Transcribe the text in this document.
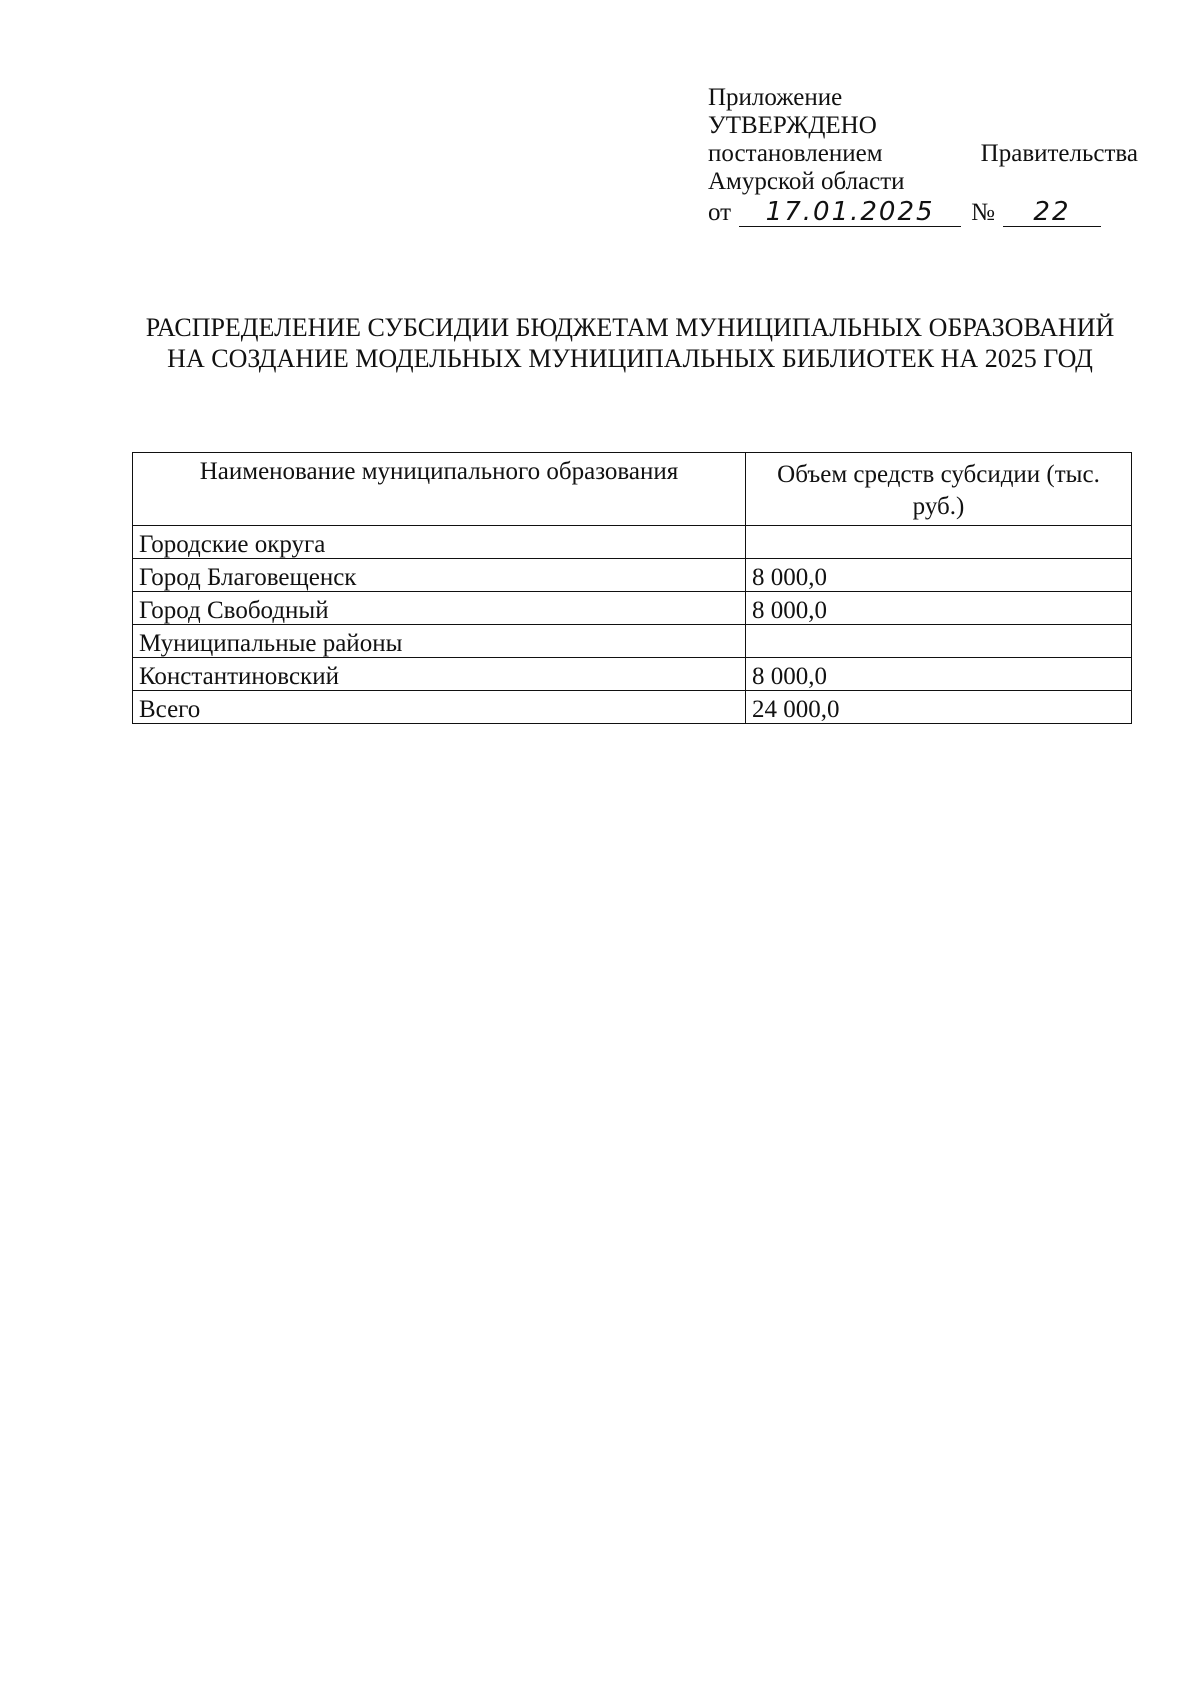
Приложение
УТВЕРЖДЕНО
постановлением	Правительства
Амурской области
от	17.01.2025	№	22
РАСПРЕДЕЛЕНИЕ СУБСИДИИ БЮДЖЕТАМ МУНИЦИПАЛЬНЫХ ОБРАЗОВАНИЙ НА СОЗДАНИЕ МОДЕЛЬНЫХ МУНИЦИПАЛЬНЫХ БИБЛИОТЕК НА 2025 ГОД
Наименование муниципального образования	Объем средств субсидии (тыс. руб.)

Городские округа	
Город Благовещенск	8 000,0
Город Свободный	8 000,0
Муниципальные районы	
Константиновский	8 000,0
Всего	24 000,0
